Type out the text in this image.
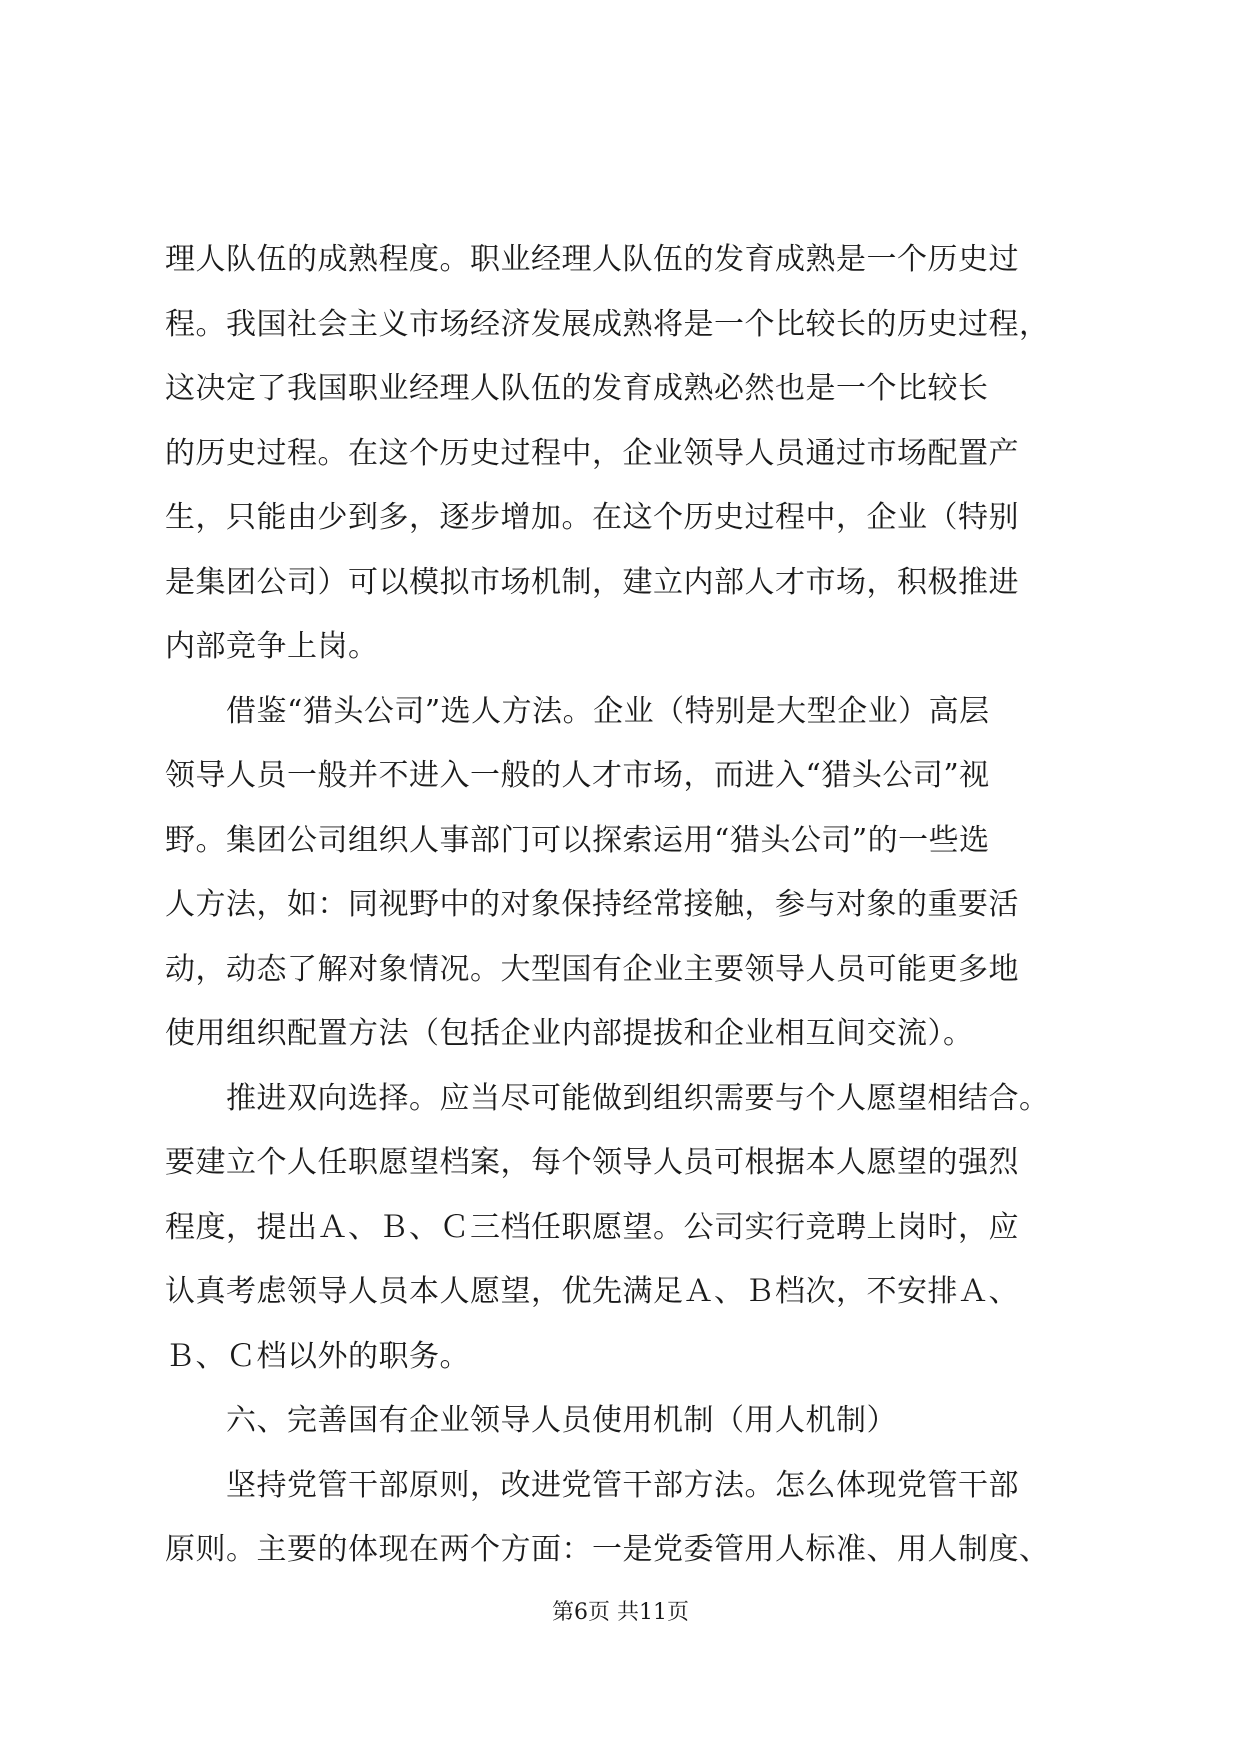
理人队伍的成熟程度。职业经理人队伍的发育成熟是一个历史过
程。我国社会主义市场经济发展成熟将是一个比较长的历史过程，
这决定了我国职业经理人队伍的发育成熟必然也是一个比较长
的历史过程。在这个历史过程中，企业领导人员通过市场配置产
生，只能由少到多，逐步增加。在这个历史过程中，企业（特别
是集团公司）可以模拟市场机制，建立内部人才市场，积极推进
内部竞争上岗。
　　借鉴“猎头公司”选人方法。企业（特别是大型企业）高层
领导人员一般并不进入一般的人才市场，而进入“猎头公司”视
野。集团公司组织人事部门可以探索运用“猎头公司”的一些选
人方法，如：同视野中的对象保持经常接触，参与对象的重要活
动，动态了解对象情况。大型国有企业主要领导人员可能更多地
使用组织配置方法（包括企业内部提拔和企业相互间交流）。
　　推进双向选择。应当尽可能做到组织需要与个人愿望相结合。
要建立个人任职愿望档案，每个领导人员可根据本人愿望的强烈
程度，提出Ａ、Ｂ、Ｃ三档任职愿望。公司实行竞聘上岗时，应
认真考虑领导人员本人愿望，优先满足Ａ、Ｂ档次，不安排Ａ、
Ｂ、Ｃ档以外的职务。
　　六、完善国有企业领导人员使用机制（用人机制）
　　坚持党管干部原则，改进党管干部方法。怎么体现党管干部
原则。主要的体现在两个方面：一是党委管用人标准、用人制度、
第6页 共11页
